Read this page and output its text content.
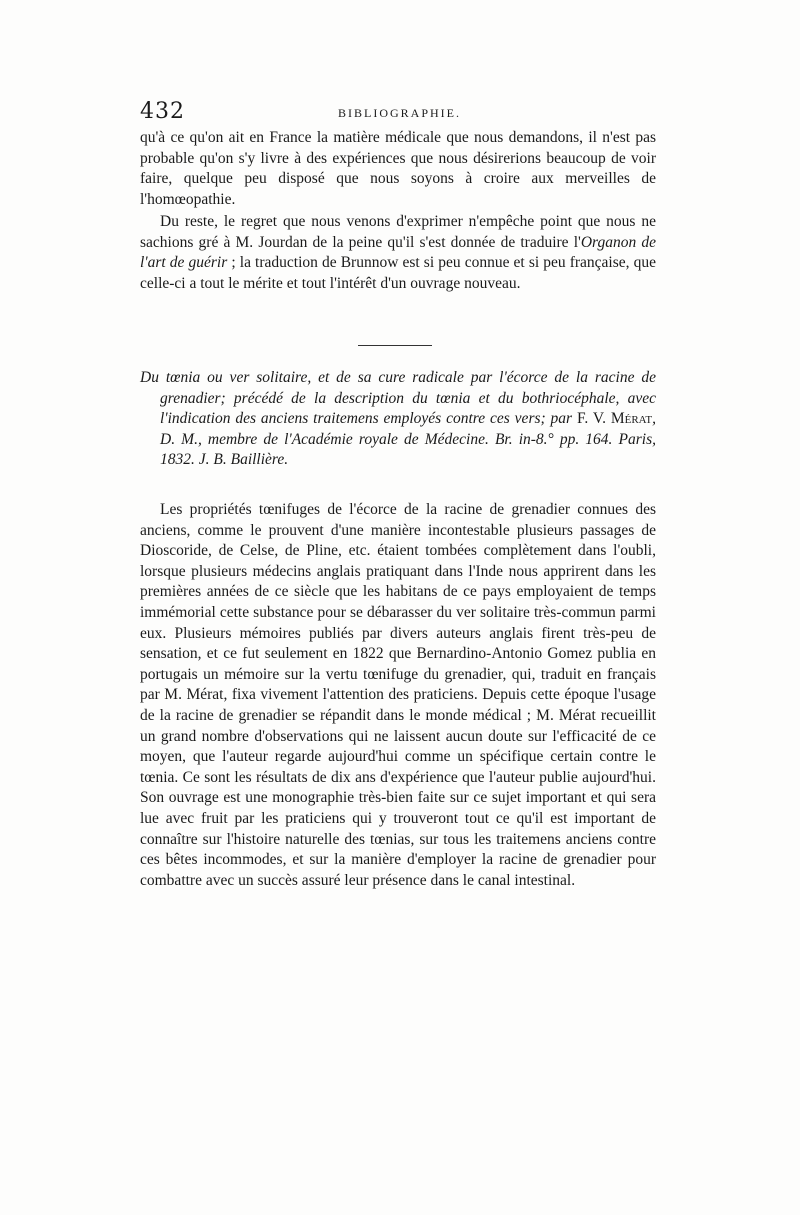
432	BIBLIOGRAPHIE.

qu'à ce qu'on ait en France la matière médicale que nous demandons, il n'est pas probable qu'on s'y livre à des expériences que nous désirerions beaucoup de voir faire, quelque peu disposé que nous soyons à croire aux merveilles de l'homœopathie.

Du reste, le regret que nous venons d'exprimer n'empêche point que nous ne sachions gré à M. Jourdan de la peine qu'il s'est donnée de traduire l'Organon de l'art de guérir ; la traduction de Brunnow est si peu connue et si peu française, que celle-ci a tout le mérite et tout l'intérêt d'un ouvrage nouveau.

Du tœnia ou ver solitaire, et de sa cure radicale par l'écorce de la racine de grenadier; précédé de la description du tœnia et du bothriocéphale, avec l'indication des anciens traitemens employés contre ces vers; par F. V. Mérat, D. M., membre de l'Académie royale de Médecine. Br. in-8.° pp. 164. Paris, 1832. J. B. Baillière.

Les propriétés tœnifuges de l'écorce de la racine de grenadier connues des anciens, comme le prouvent d'une manière incontestable plusieurs passages de Dioscoride, de Celse, de Pline, etc. étaient tombées complètement dans l'oubli, lorsque plusieurs médecins anglais pratiquant dans l'Inde nous apprirent dans les premières années de ce siècle que les habitans de ce pays employaient de temps immémorial cette substance pour se débarasser du ver solitaire très-commun parmi eux. Plusieurs mémoires publiés par divers auteurs anglais firent très-peu de sensation, et ce fut seulement en 1822 que Bernardino-Antonio Gomez publia en portugais un mémoire sur la vertu tœnifuge du grenadier, qui, traduit en français par M. Mérat, fixa vivement l'attention des praticiens. Depuis cette époque l'usage de la racine de grenadier se répandit dans le monde médical ; M. Mérat recueillit un grand nombre d'observations qui ne laissent aucun doute sur l'efficacité de ce moyen, que l'auteur regarde aujourd'hui comme un spécifique certain contre le tœnia. Ce sont les résultats de dix ans d'expérience que l'auteur publie aujourd'hui. Son ouvrage est une monographie très-bien faite sur ce sujet important et qui sera lue avec fruit par les praticiens qui y trouveront tout ce qu'il est important de connaître sur l'histoire naturelle des tœnias, sur tous les traitemens anciens contre ces bêtes incommodes, et sur la manière d'employer la racine de grenadier pour combattre avec un succès assuré leur présence dans le canal intestinal.
